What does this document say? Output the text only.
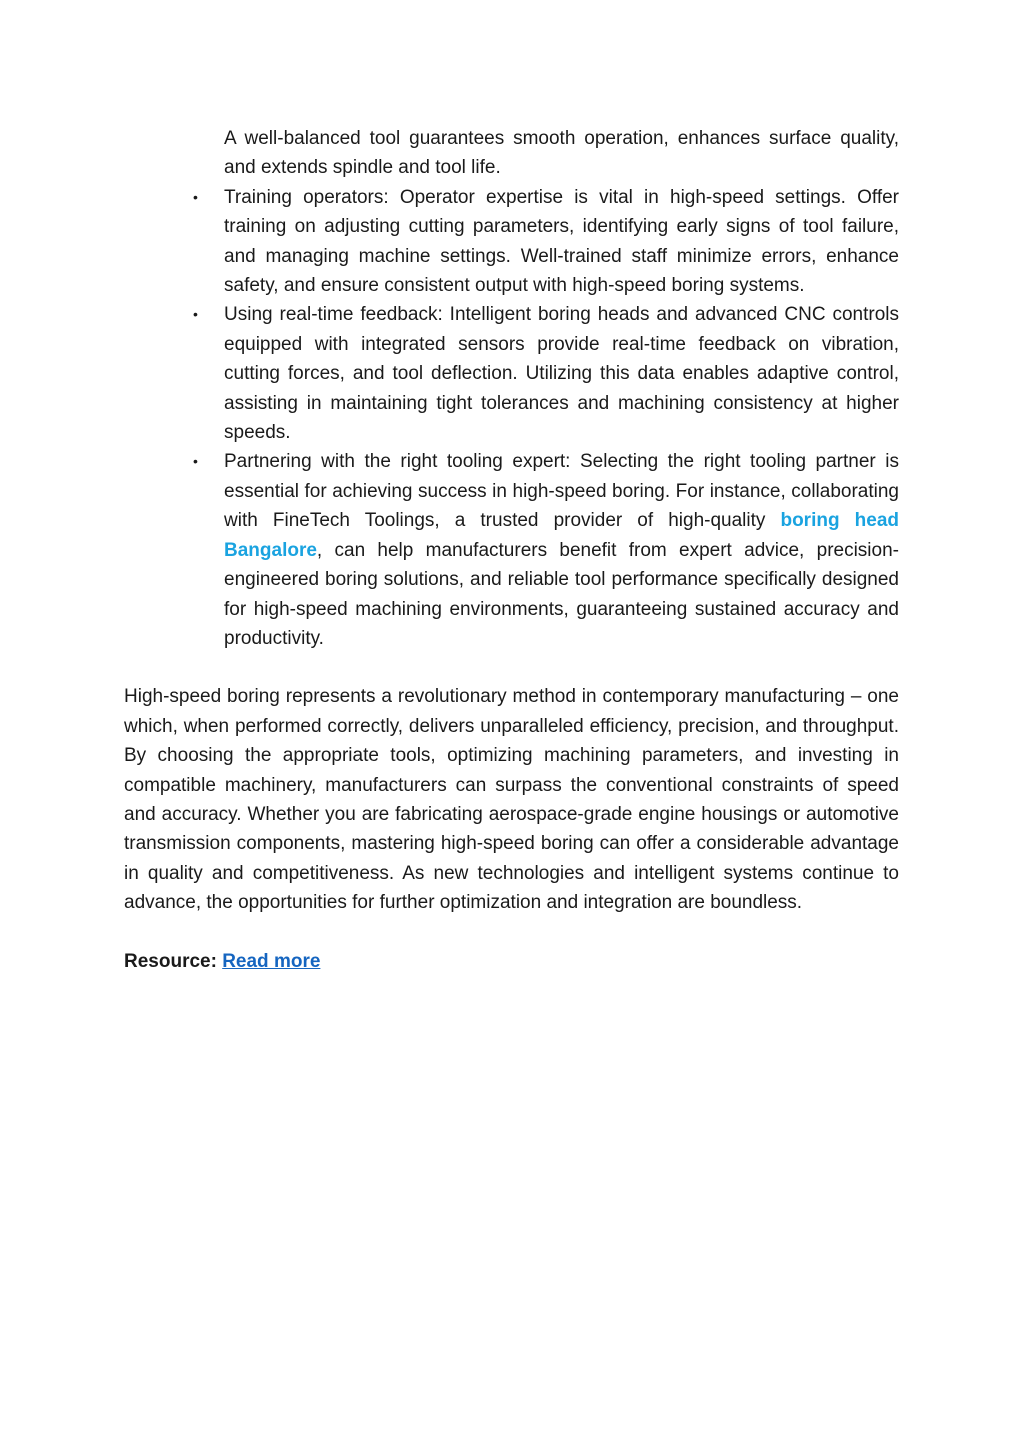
A well-balanced tool guarantees smooth operation, enhances surface quality, and extends spindle and tool life.

• Training operators: Operator expertise is vital in high-speed settings. Offer training on adjusting cutting parameters, identifying early signs of tool failure, and managing machine settings. Well-trained staff minimize errors, enhance safety, and ensure consistent output with high-speed boring systems.
• Using real-time feedback: Intelligent boring heads and advanced CNC controls equipped with integrated sensors provide real-time feedback on vibration, cutting forces, and tool deflection. Utilizing this data enables adaptive control, assisting in maintaining tight tolerances and machining consistency at higher speeds.
• Partnering with the right tooling expert: Selecting the right tooling partner is essential for achieving success in high-speed boring. For instance, collaborating with FineTech Toolings, a trusted provider of high-quality boring head Bangalore, can help manufacturers benefit from expert advice, precision-engineered boring solutions, and reliable tool performance specifically designed for high-speed machining environments, guaranteeing sustained accuracy and productivity.

High-speed boring represents a revolutionary method in contemporary manufacturing – one which, when performed correctly, delivers unparalleled efficiency, precision, and throughput. By choosing the appropriate tools, optimizing machining parameters, and investing in compatible machinery, manufacturers can surpass the conventional constraints of speed and accuracy. Whether you are fabricating aerospace-grade engine housings or automotive transmission components, mastering high-speed boring can offer a considerable advantage in quality and competitiveness. As new technologies and intelligent systems continue to advance, the opportunities for further optimization and integration are boundless.

Resource: Read more
